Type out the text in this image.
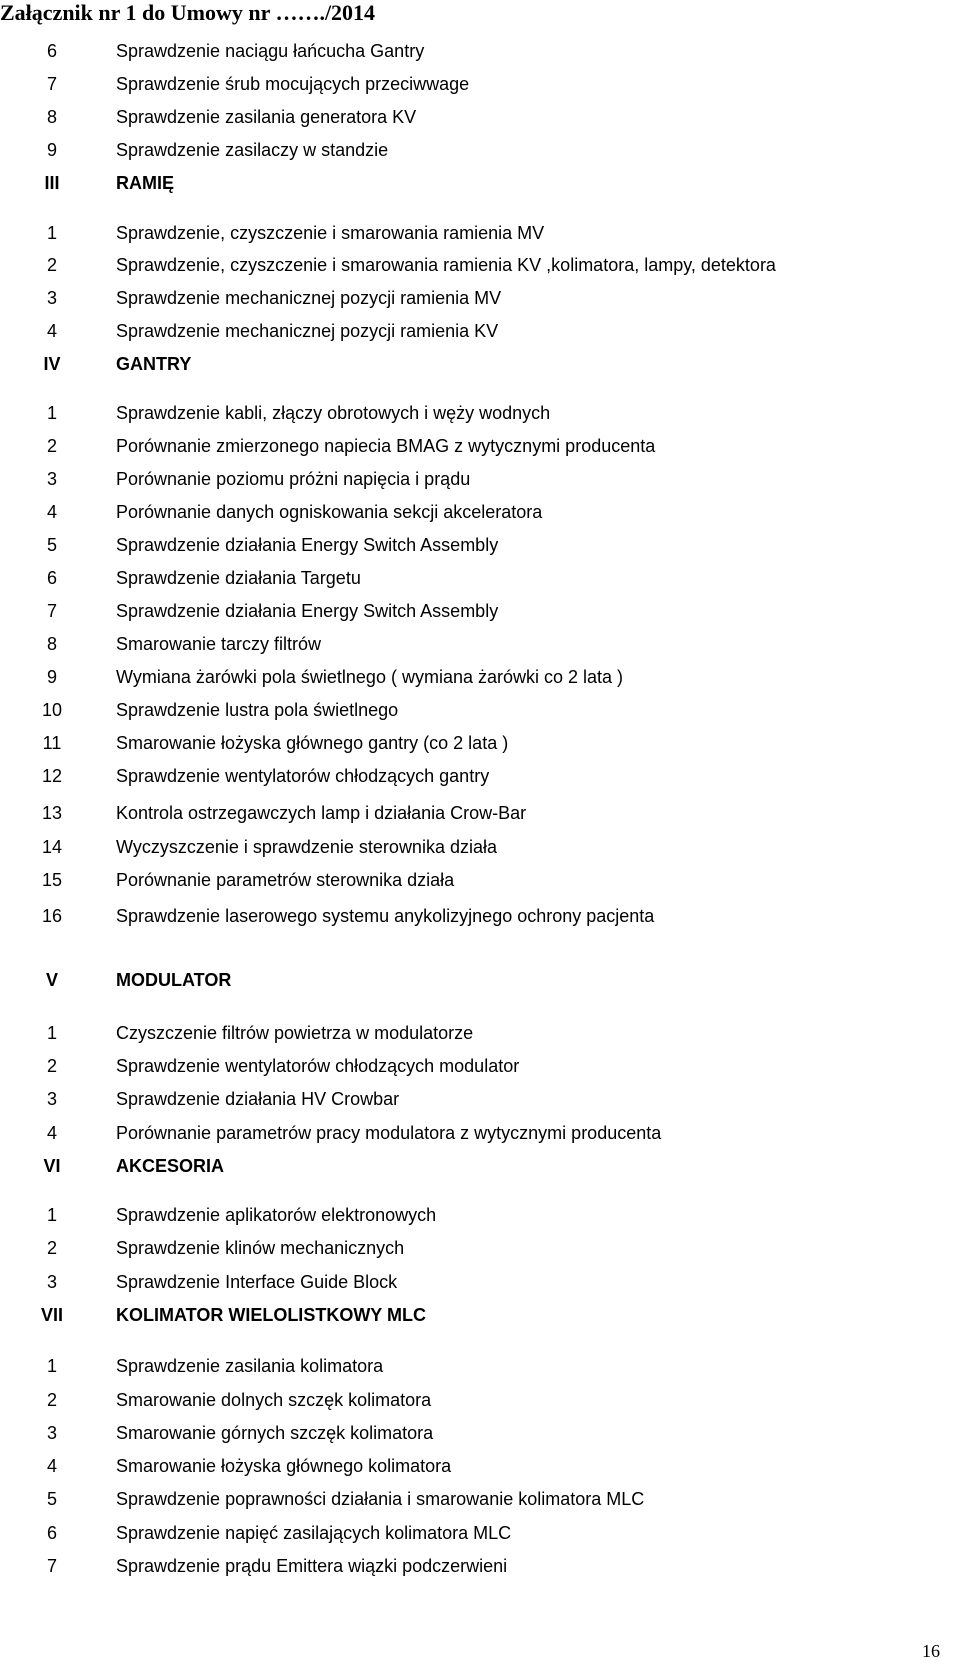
Załącznik nr 1 do Umowy nr ……./2014
6	Sprawdzenie naciągu łańcucha Gantry
7	Sprawdzenie śrub mocujących przeciwwage
8	Sprawdzenie zasilania generatora KV
9	Sprawdzenie zasilaczy w standzie
III	RAMIĘ
1	Sprawdzenie, czyszczenie i smarowania ramienia MV
2	Sprawdzenie, czyszczenie i smarowania ramienia KV ,kolimatora, lampy, detektora
3	Sprawdzenie mechanicznej pozycji ramienia MV
4	Sprawdzenie mechanicznej pozycji ramienia KV
IV	GANTRY
1	Sprawdzenie kabli, złączy obrotowych i węży wodnych
2	Porównanie zmierzonego napiecia BMAG z wytycznymi producenta
3	Porównanie poziomu próżni napięcia i prądu
4	Porównanie danych ogniskowania sekcji akceleratora
5	Sprawdzenie działania Energy Switch Assembly
6	Sprawdzenie działania Targetu
7	Sprawdzenie działania Energy Switch Assembly
8	Smarowanie tarczy filtrów
9	Wymiana żarówki pola świetlnego ( wymiana żarówki co 2 lata )
10	Sprawdzenie lustra pola świetlnego
11	Smarowanie łożyska głównego gantry (co 2 lata )
12	Sprawdzenie wentylatorów chłodzących gantry
13	Kontrola ostrzegawczych lamp i działania Crow-Bar
14	Wyczyszczenie i sprawdzenie sterownika działa
15	Porównanie parametrów sterownika działa
16	Sprawdzenie laserowego systemu anykolizyjnego ochrony pacjenta
V	MODULATOR
1	Czyszczenie filtrów powietrza w modulatorze
2	Sprawdzenie wentylatorów chłodzących modulator
3	Sprawdzenie działania HV Crowbar
4	Porównanie parametrów pracy modulatora z wytycznymi producenta
VI	AKCESORIA
1	Sprawdzenie aplikatorów elektronowych
2	Sprawdzenie klinów mechanicznych
3	Sprawdzenie Interface Guide Block
VII	KOLIMATOR WIELOLISTKOWY MLC
1	Sprawdzenie zasilania kolimatora
2	Smarowanie dolnych szczęk kolimatora
3	Smarowanie górnych szczęk kolimatora
4	Smarowanie łożyska głównego kolimatora
5	Sprawdzenie poprawności działania i smarowanie kolimatora MLC
6	Sprawdzenie napięć zasilających kolimatora MLC
7	Sprawdzenie prądu Emittera wiązki podczerwieni
16
